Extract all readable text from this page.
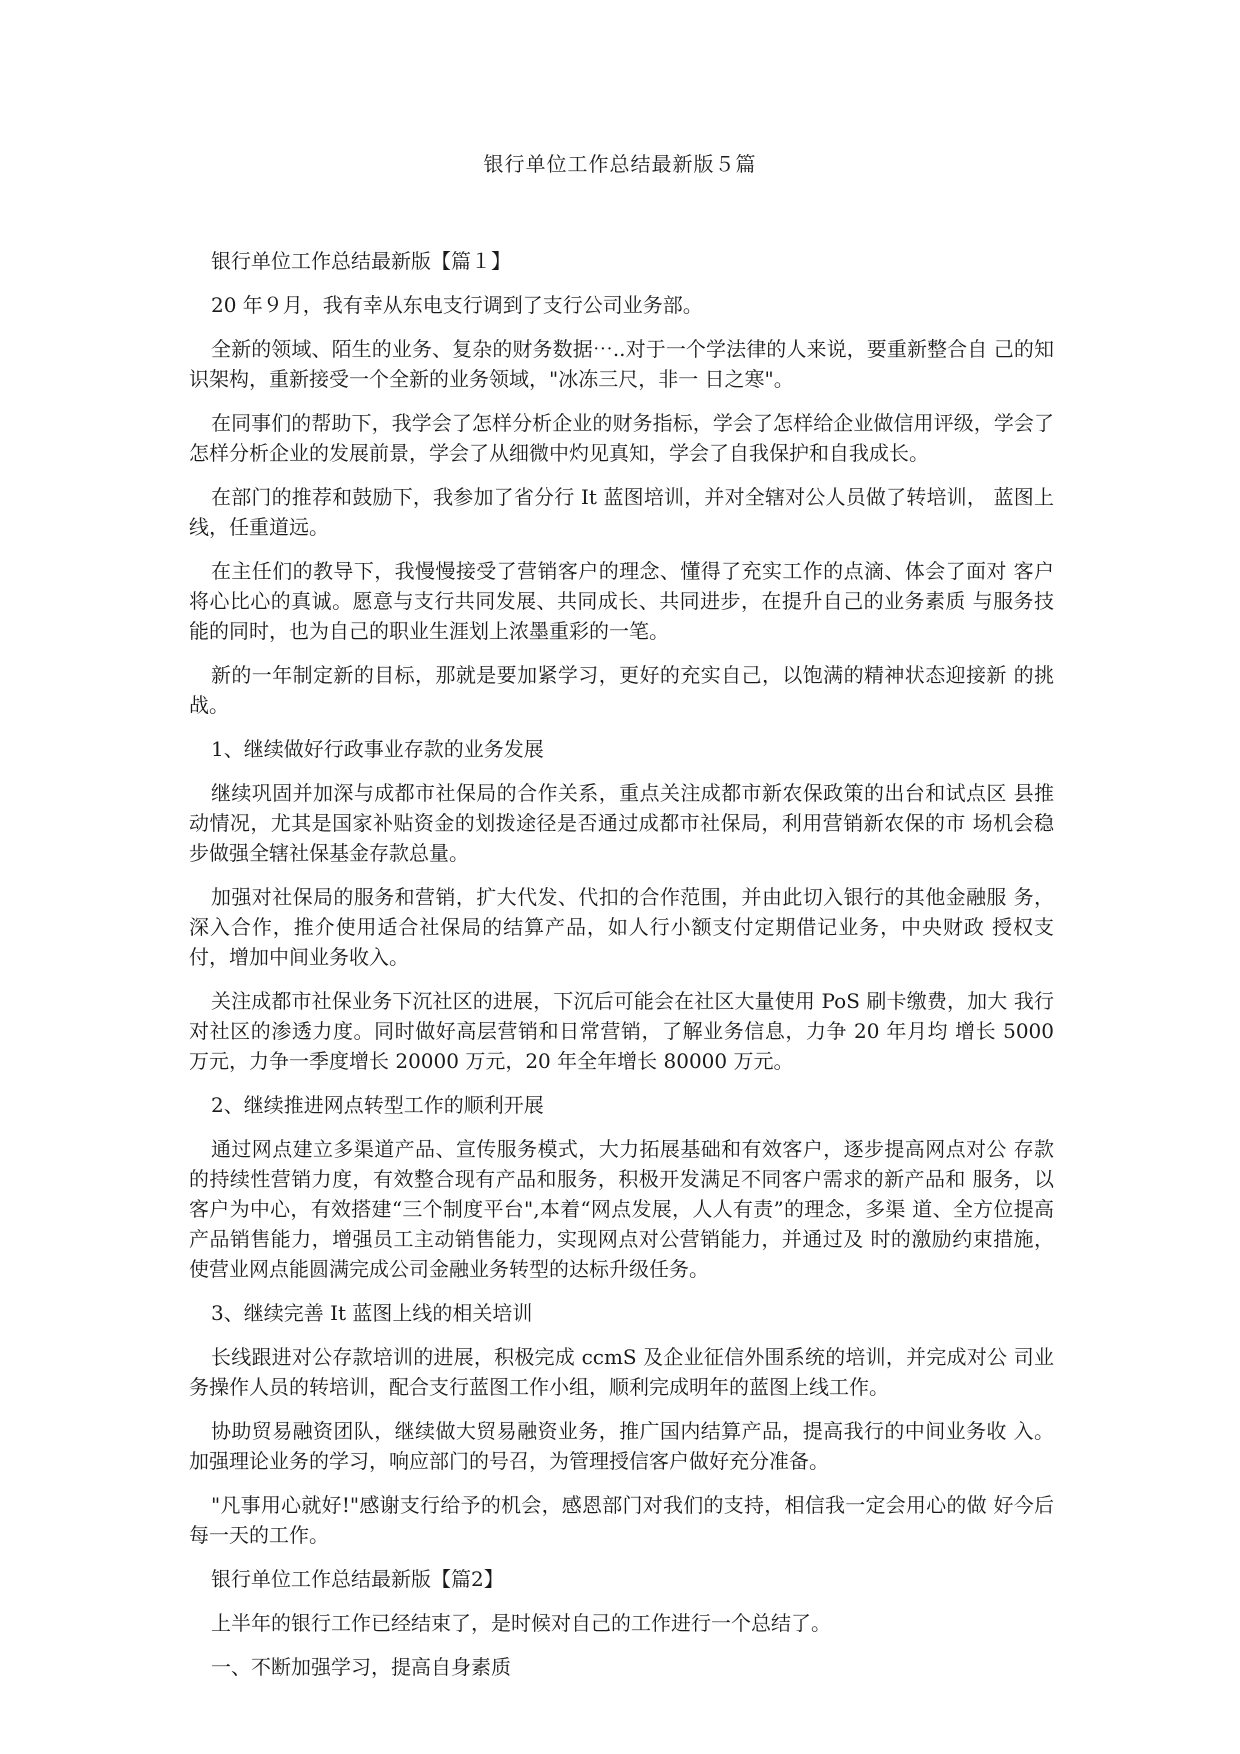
银行单位工作总结最新版５篇

银行单位工作总结最新版【篇１】

20 年９月，我有幸从东电支行调到了支行公司业务部。

全新的领域、陌生的业务、复杂的财务数据⋯..对于一个学法律的人来说，要重新整合自 己的知识架构，重新接受一个全新的业务领域，"冰冻三尺，非一 日之寒"。

在同事们的帮助下，我学会了怎样分析企业的财务指标，学会了怎样给企业做信用评级，学会了怎样分析企业的发展前景，学会了从细微中灼见真知，学会了自我保护和自我成长。

在部门的推荐和鼓励下，我参加了省分行 It 蓝图培训，并对全辖对公人员做了转培训， 蓝图上线，任重道远。

在主任们的教导下，我慢慢接受了营销客户的理念、懂得了充实工作的点滴、体会了面对 客户将心比心的真诚。愿意与支行共同发展、共同成长、共同进步，在提升自己的业务素质 与服务技能的同时，也为自己的职业生涯划上浓墨重彩的一笔。

新的一年制定新的目标，那就是要加紧学习，更好的充实自己，以饱满的精神状态迎接新 的挑战。

1、继续做好行政事业存款的业务发展

继续巩固并加深与成都市社保局的合作关系，重点关注成都市新农保政策的出台和试点区 县推动情况，尤其是国家补贴资金的划拨途径是否通过成都市社保局，利用营销新农保的市 场机会稳步做强全辖社保基金存款总量。

加强对社保局的服务和营销，扩大代发、代扣的合作范围，并由此切入银行的其他金融服 务，深入合作，推介使用适合社保局的结算产品，如人行小额支付定期借记业务，中央财政 授权支付，增加中间业务收入。

关注成都市社保业务下沉社区的进展，下沉后可能会在社区大量使用 PoS 刷卡缴费，加大 我行对社区的渗透力度。同时做好高层营销和日常营销，了解业务信息，力争 20 年月均 增长 5000 万元，力争一季度增长 20000 万元，20 年全年增长 80000 万元。

2、继续推进网点转型工作的顺利开展

通过网点建立多渠道产品、宣传服务模式，大力拓展基础和有效客户，逐步提高网点对公 存款的持续性营销力度，有效整合现有产品和服务，积极开发满足不同客户需求的新产品和 服务，以客户为中心，有效搭建“三个制度平台",本着“网点发展，人人有责”的理念，多渠 道、全方位提高产品销售能力，增强员工主动销售能力，实现网点对公营销能力，并通过及 时的激励约束措施，使营业网点能圆满完成公司金融业务转型的达标升级任务。

3、继续完善 It 蓝图上线的相关培训

长线跟进对公存款培训的进展，积极完成 ccmS 及企业征信外围系统的培训，并完成对公 司业务操作人员的转培训，配合支行蓝图工作小组，顺利完成明年的蓝图上线工作。

协助贸易融资团队，继续做大贸易融资业务，推广国内结算产品，提高我行的中间业务收 入。加强理论业务的学习，响应部门的号召，为管理授信客户做好充分准备。

"凡事用心就好!"感谢支行给予的机会，感恩部门对我们的支持，相信我一定会用心的做 好今后每一天的工作。

银行单位工作总结最新版【篇2】

上半年的银行工作已经结束了，是时候对自己的工作进行一个总结了。

一、不断加强学习，提高自身素质
